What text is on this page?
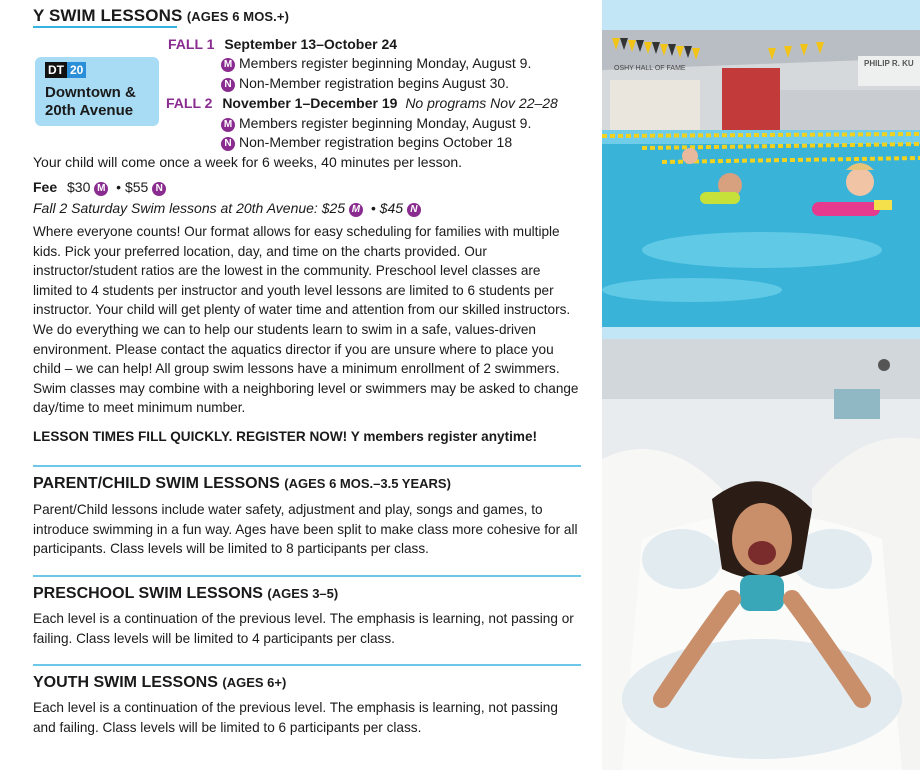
Y SWIM LESSONS (AGES 6 MOS.+)
DT 20
Downtown & 20th Avenue
FALL 1 September 13–October 24
M Members register beginning Monday, August 9.
N Non-Member registration begins August 30.
FALL 2 November 1–December 19 No programs Nov 22–28
M Members register beginning Monday, August 9.
N Non-Member registration begins October 18
Your child will come once a week for 6 weeks, 40 minutes per lesson.
Fee $30 M • $55 N
Fall 2 Saturday Swim lessons at 20th Avenue: $25 M • $45 N
Where everyone counts! Our format allows for easy scheduling for families with multiple kids. Pick your preferred location, day, and time on the charts provided. Our instructor/student ratios are the lowest in the community. Preschool level classes are limited to 4 students per instructor and youth level lessons are limited to 6 students per instructor. Your child will get plenty of water time and attention from our skilled instructors. We do everything we can to help our students learn to swim in a safe, values-driven environment. Please contact the aquatics director if you are unsure where to place you child – we can help! All group swim lessons have a minimum enrollment of 2 swimmers. Swim classes may combine with a neighboring level or swimmers may be asked to change day/time to meet minimum number.
LESSON TIMES FILL QUICKLY. REGISTER NOW! Y members register anytime!
PARENT/CHILD SWIM LESSONS (AGES 6 MOS.–3.5 YEARS)
Parent/Child lessons include water safety, adjustment and play, songs and games, to introduce swimming in a fun way. Ages have been split to make class more cohesive for all participants. Class levels will be limited to 8 participants per class.
PRESCHOOL SWIM LESSONS (AGES 3–5)
Each level is a continuation of the previous level. The emphasis is learning, not passing or failing. Class levels will be limited to 4 participants per class.
YOUTH SWIM LESSONS (AGES 6+)
Each level is a continuation of the previous level. The emphasis is learning, not passing and failing. Class levels will be limited to 6 participants per class.
OSHY HALL OF FAME
PHILIP R. KU
